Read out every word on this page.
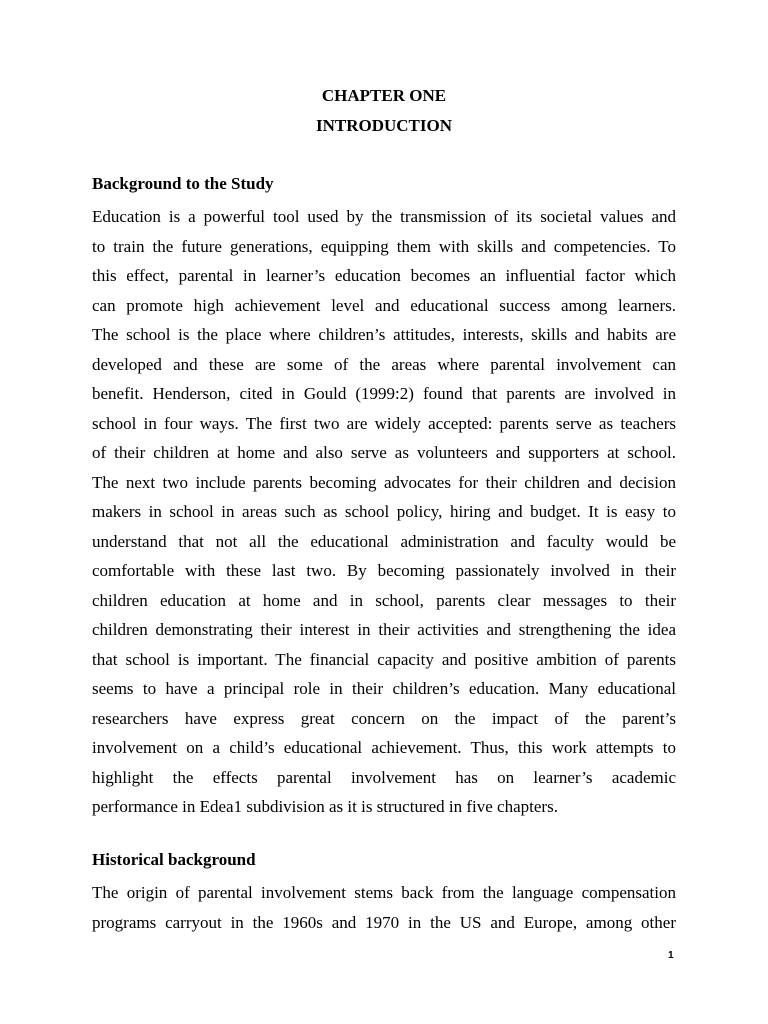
CHAPTER ONE
INTRODUCTION
Background to the Study
Education is a powerful tool used by the transmission of its societal values and
to train the future generations, equipping them with skills and competencies. To
this effect, parental in learner’s education becomes an influential factor which
can promote high achievement level and educational success among learners.
The school is the place where children’s attitudes, interests, skills and habits are
developed and these are some of the areas where parental involvement can
benefit. Henderson, cited in Gould (1999:2) found that parents are involved in
school in four ways. The first two are widely accepted: parents serve as teachers
of their children at home and also serve as volunteers and supporters at school.
The next two include parents becoming advocates for their children and decision
makers in school in areas such as school policy, hiring and budget. It is easy to
understand that not all the educational administration and faculty would be
comfortable with these last two. By becoming passionately involved in their
children education at home and in school, parents clear messages to their
children demonstrating their interest in their activities and strengthening the idea
that school is important. The financial capacity and positive ambition of parents
seems to have a principal role in their children’s education. Many educational
researchers have express great concern on the impact of the parent’s
involvement on a child’s educational achievement. Thus, this work attempts to
highlight the effects parental involvement has on learner’s academic
performance in Edea1 subdivision as it is structured in five chapters.
Historical background
The origin of parental involvement stems back from the language compensation
programs carryout in the 1960s and 1970 in the US and Europe, among other
1
